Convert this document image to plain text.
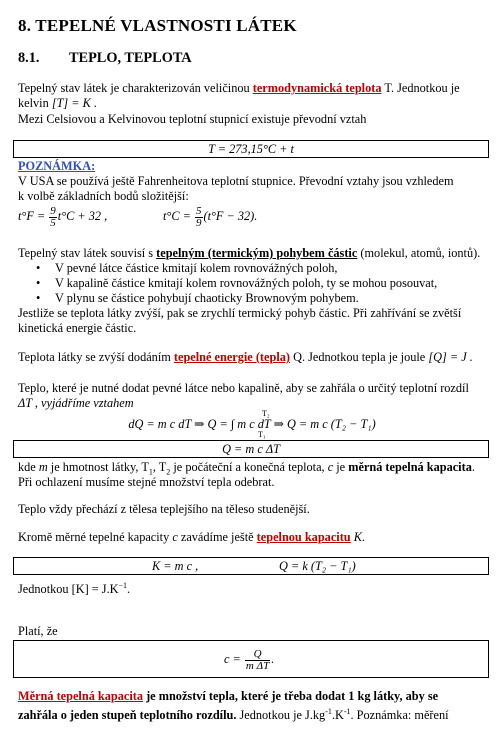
8. TEPELNÉ VLASTNOSTI LÁTEK
8.1. TEPLO, TEPLOTA
Tepelný stav látek je charakterizován veličinou termodynamická teplota T. Jednotkou je
kelvin [T] = K .
Mezi Celsiovou a Kelvinovou teplotní stupnicí existuje převodní vztah
T = 273,15°C + t
POZNÁMKA:
V USA se používá ještě Fahrenheitova teplotní stupnice. Převodní vztahy jsou vzhledem
k volbě základních bodů složitější:
$t^\circ F = \frac{9}{5} t^\circ C + 32$ ,	$t^\circ C = \frac{5}{9} (t^\circ F - 32)$.
Tepelný stav látek souvisí s tepelným (termickým) pohybem částic (molekul, atomů, iontů).
V pevné látce částice kmitají kolem rovnovážných poloh,
V kapalině částice kmitají kolem rovnovážných poloh, ty se mohou posouvat,
V plynu se částice pohybují chaoticky Brownovým pohybem.
Jestliže se teplota látky zvýší, pak se zrychlí termický pohyb částic. Při zahřívání se zvětší
kinetická energie částic.
Teplota látky se zvýší dodáním tepelné energie (tepla) Q. Jednotkou tepla je joule [Q] = J .
Teplo, které je nutné dodat pevné látce nebo kapalině, aby se zahřála o určitý teplotní rozdíl
ΔT , vyjádříme vztahem
dQ = m c dT ⇒ Q = ∫ m c dT ⇒ Q = m c (T₂ − T₁)
T₂
T₁
Q = m c ΔT
kde m je hmotnost látky, $T_1$, $T_2$ je počáteční a konečná teplota, c je měrná tepelná kapacita.
Při ochlazení musíme stejné množství tepla odebrat.
Teplo vždy přechází z tělesa teplejšího na těleso studenější.
Kromě měrné tepelné kapacity c zavádíme ještě tepelnou kapacitu K.
K = m c ,	Q = k (T₂ − T₁)
Jednotkou $[K] = J.K^{-1}$.
Platí, že
$c = \frac{Q}{\text{m ΔT}}$ .
Měrná tepelná kapacita je množství tepla, které je třeba dodat 1 kg látky, aby se
zahřála o jeden stupeň teplotního rozdílu. Jednotkou je $J.kg^{-1}.K^{-1}$. Poznámka: měření
